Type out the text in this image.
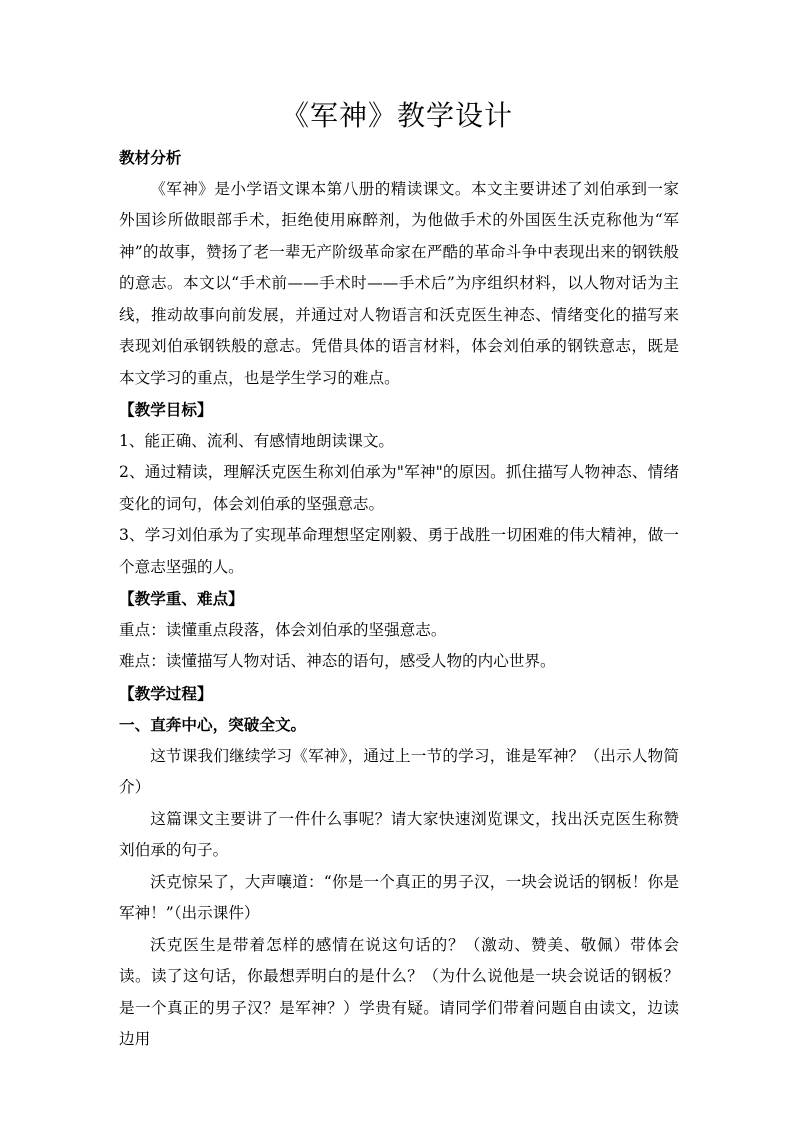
《军神》教学设计

教材分析

《军神》是小学语文课本第八册的精读课文。本文主要讲述了刘伯承到一家外国诊所做眼部手术，拒绝使用麻醉剂，为他做手术的外国医生沃克称他为“军神”的故事，赞扬了老一辈无产阶级革命家在严酷的革命斗争中表现出来的钢铁般的意志。本文以“手术前——手术时——手术后”为序组织材料，以人物对话为主线，推动故事向前发展，并通过对人物语言和沃克医生神态、情绪变化的描写来表现刘伯承钢铁般的意志。凭借具体的语言材料，体会刘伯承的钢铁意志，既是本文学习的重点，也是学生学习的难点。

【教学目标】

1、能正确、流利、有感情地朗读课文。

2、通过精读，理解沃克医生称刘伯承为"军神"的原因。抓住描写人物神态、情绪变化的词句，体会刘伯承的坚强意志。

3、学习刘伯承为了实现革命理想坚定刚毅、勇于战胜一切困难的伟大精神，做一个意志坚强的人。

【教学重、难点】

重点：读懂重点段落，体会刘伯承的坚强意志。

难点：读懂描写人物对话、神态的语句，感受人物的内心世界。

【教学过程】

一、直奔中心，突破全文。

这节课我们继续学习《军神》，通过上一节的学习，谁是军神？（出示人物简介）

这篇课文主要讲了一件什么事呢？请大家快速浏览课文，找出沃克医生称赞刘伯承的句子。

沃克惊呆了，大声嚷道：“你是一个真正的男子汉，一块会说话的钢板！你是军神！”（出示课件）

沃克医生是带着怎样的感情在说这句话的？（激动、赞美、敬佩）带体会读。读了这句话，你最想弄明白的是什么？（为什么说他是一块会说话的钢板？是一个真正的男子汉？是军神？）学贵有疑。请同学们带着问题自由读文，边读边用
